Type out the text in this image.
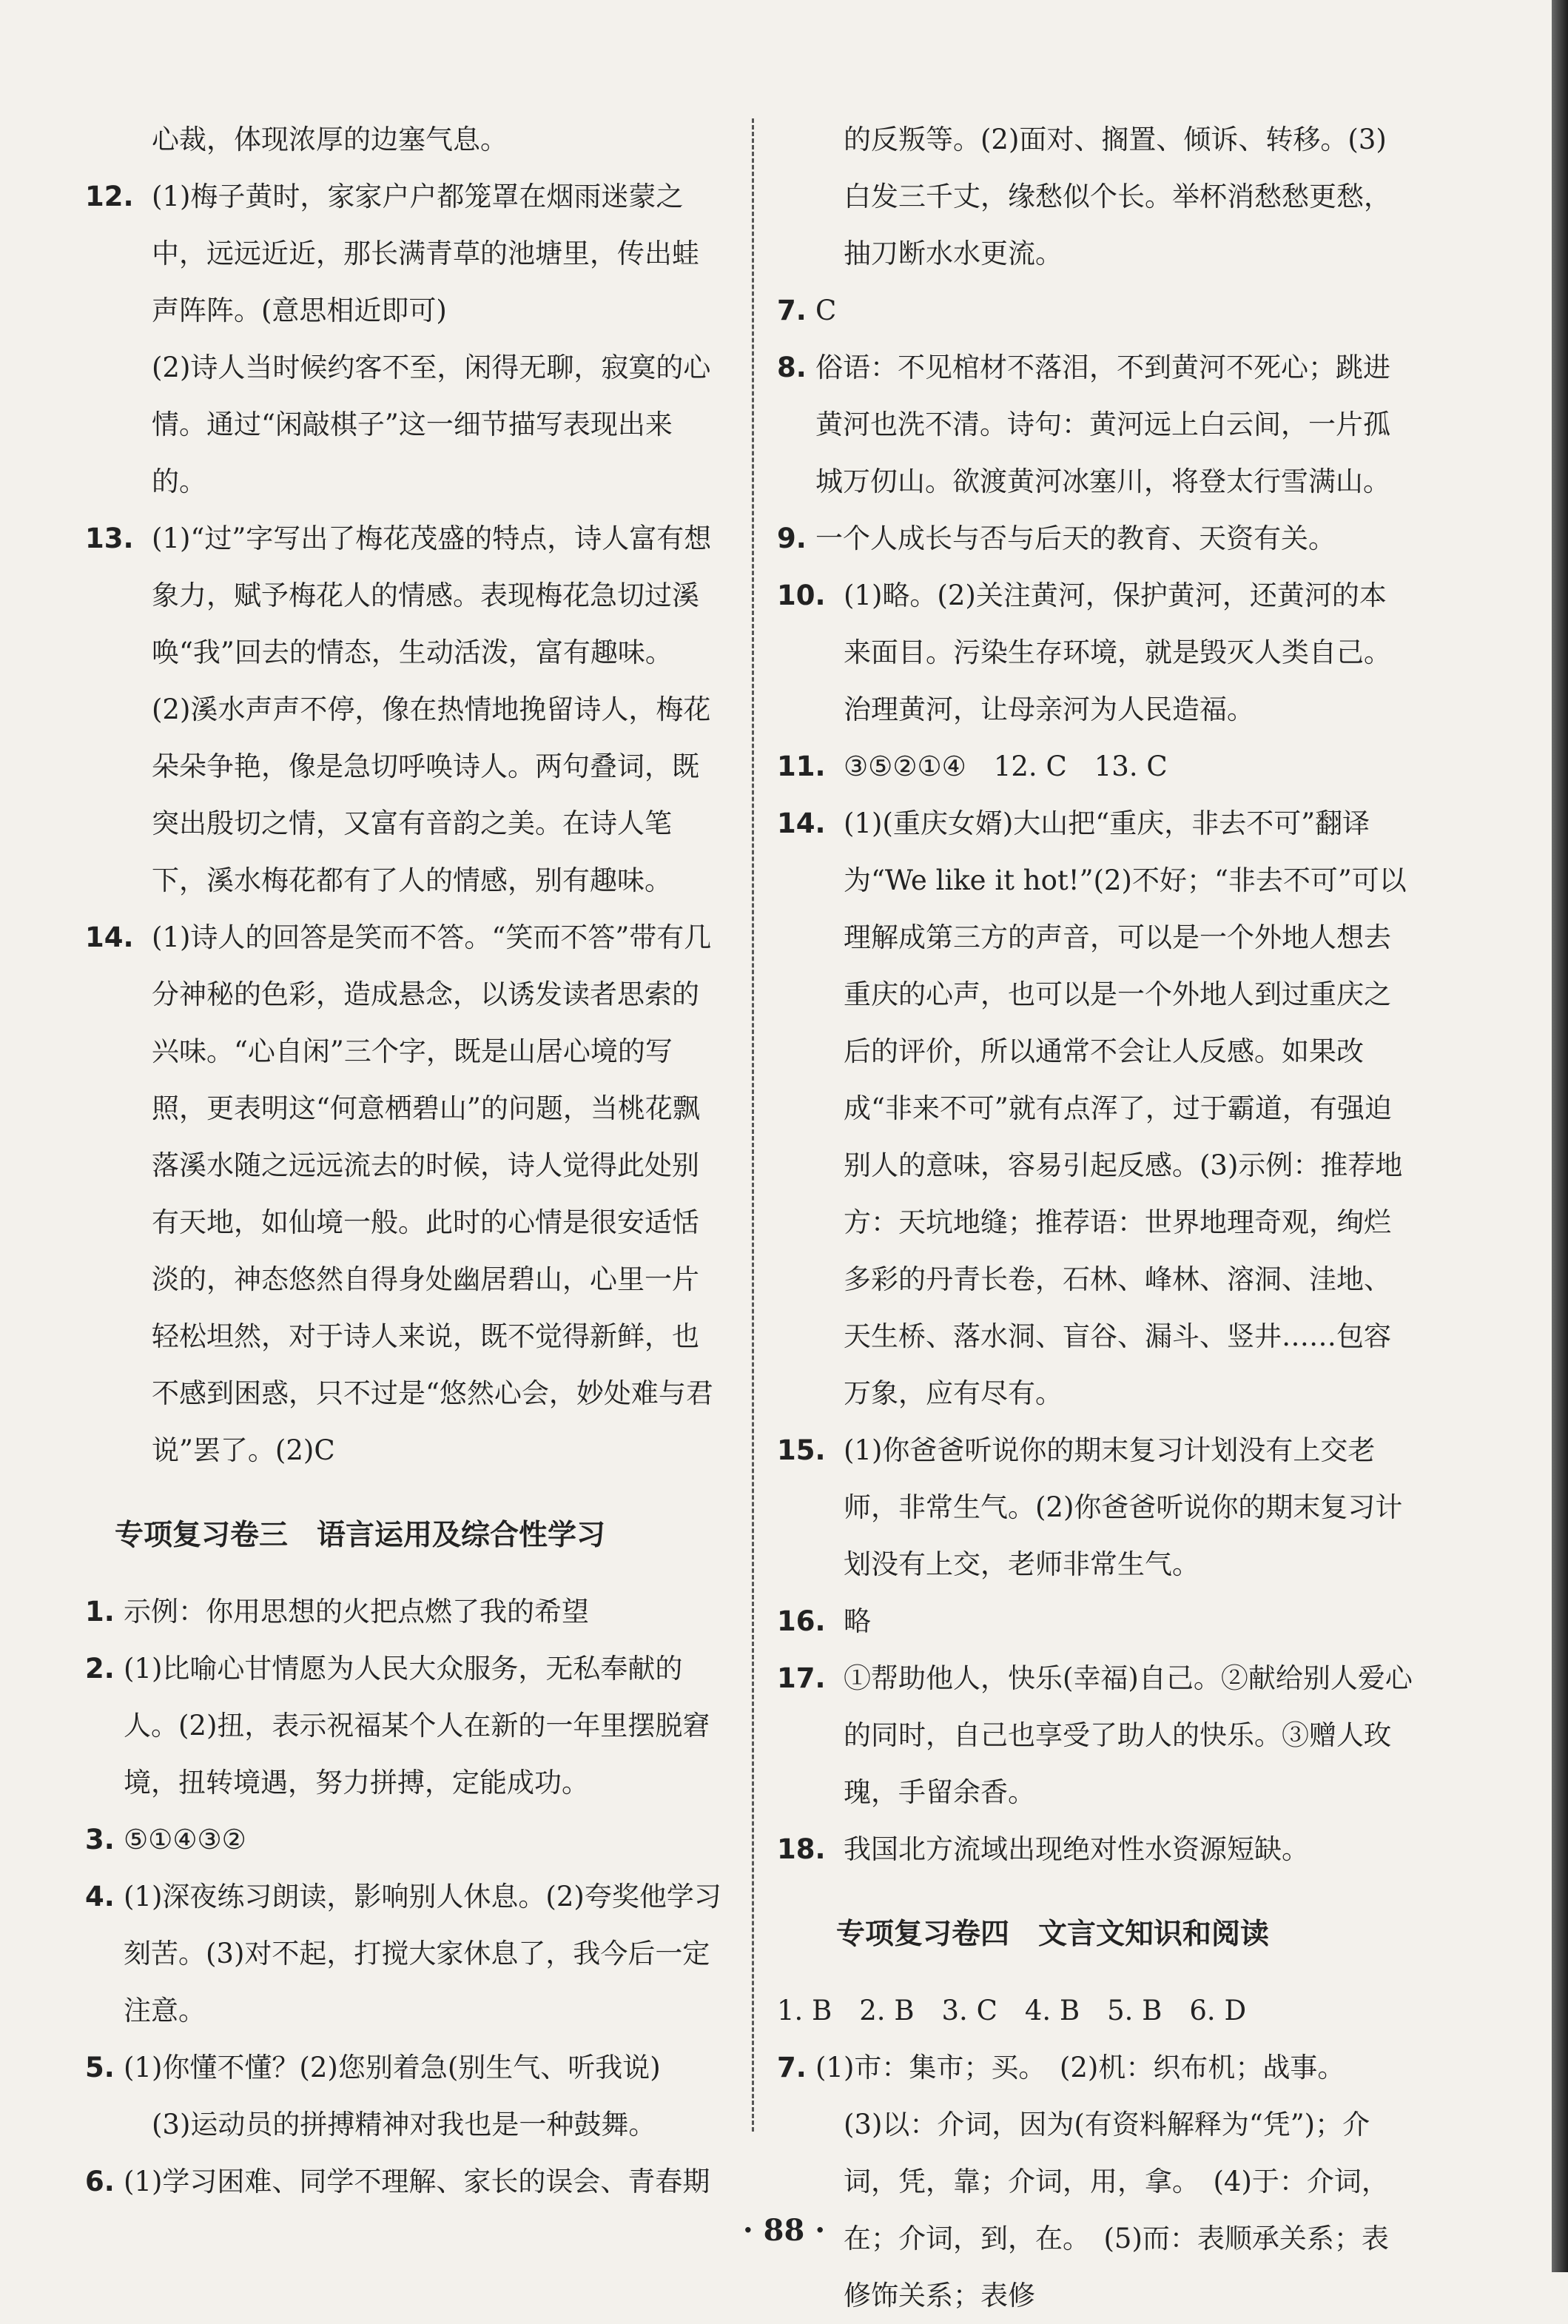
心裁，体现浓厚的边塞气息。
12. (1)梅子黄时，家家户户都笼罩在烟雨迷蒙之中，远远近近，那长满青草的池塘里，传出蛙声阵阵。(意思相近即可)
(2)诗人当时候约客不至，闲得无聊，寂寞的心情。通过“闲敲棋子”这一细节描写表现出来的。
13. (1)“过”字写出了梅花茂盛的特点，诗人富有想象力，赋予梅花人的情感。表现梅花急切过溪唤“我”回去的情态，生动活泼，富有趣味。
(2)溪水声声不停，像在热情地挽留诗人，梅花朵朵争艳，像是急切呼唤诗人。两句叠词，既突出殷切之情，又富有音韵之美。在诗人笔下，溪水梅花都有了人的情感，别有趣味。
14. (1)诗人的回答是笑而不答。“笑而不答”带有几分神秘的色彩，造成悬念，以诱发读者思索的兴味。“心自闲”三个字，既是山居心境的写照，更表明这“何意栖碧山”的问题，当桃花飘落溪水随之远远流去的时候，诗人觉得此处别有天地，如仙境一般。此时的心情是很安适恬淡的，神态悠然自得身处幽居碧山，心里一片轻松坦然，对于诗人来说，既不觉得新鲜，也不感到困惑，只不过是“悠然心会，妙处难与君说”罢了。(2)C
专项复习卷三　语言运用及综合性学习
1. 示例：你用思想的火把点燃了我的希望
2. (1)比喻心甘情愿为人民大众服务，无私奉献的人。(2)扭，表示祝福某个人在新的一年里摆脱窘境，扭转境遇，努力拼搏，定能成功。
3. ⑤①④③②
4. (1)深夜练习朗读，影响别人休息。(2)夸奖他学习刻苦。(3)对不起，打搅大家休息了，我今后一定注意。
5. (1)你懂不懂？(2)您别着急(别生气、听我说)
(3)运动员的拼搏精神对我也是一种鼓舞。
6. (1)学习困难、同学不理解、家长的误会、青春期
的反叛等。(2)面对、搁置、倾诉、转移。(3)白发三千丈，缘愁似个长。举杯消愁愁更愁，抽刀断水水更流。
7. C
8. 俗语：不见棺材不落泪，不到黄河不死心；跳进黄河也洗不清。诗句：黄河远上白云间，一片孤城万仞山。欲渡黄河冰塞川，将登太行雪满山。
9. 一个人成长与否与后天的教育、天资有关。
10. (1)略。(2)关注黄河，保护黄河，还黄河的本来面目。污染生存环境，就是毁灭人类自己。治理黄河，让母亲河为人民造福。
11. ③⑤②①④　12. C　13. C
14. (1)(重庆女婿)大山把“重庆，非去不可”翻译为“We like it hot!”(2)不好；“非去不可”可以理解成第三方的声音，可以是一个外地人想去重庆的心声，也可以是一个外地人到过重庆之后的评价，所以通常不会让人反感。如果改成“非来不可”就有点浑了，过于霸道，有强迫别人的意味，容易引起反感。(3)示例：推荐地方：天坑地缝；推荐语：世界地理奇观，绚烂多彩的丹青长卷，石林、峰林、溶洞、洼地、天生桥、落水洞、盲谷、漏斗、竖井……包容万象，应有尽有。
15. (1)你爸爸听说你的期末复习计划没有上交老师，非常生气。(2)你爸爸听说你的期末复习计划没有上交，老师非常生气。
16. 略
17. ①帮助他人，快乐(幸福)自己。②献给别人爱心的同时，自己也享受了助人的快乐。③赠人玫瑰，手留余香。
18. 我国北方流域出现绝对性水资源短缺。
专项复习卷四　文言文知识和阅读
1. B　2. B　3. C　4. B　5. B　6. D
7. (1)市：集市；买。　(2)机：织布机；战事。
(3)以：介词，因为(有资料解释为“凭”)；介词，凭，靠；介词，用，拿。　(4)于：介词，在；介词，到，在。　(5)而：表顺承关系；表修饰关系；表修
· 88 ·
